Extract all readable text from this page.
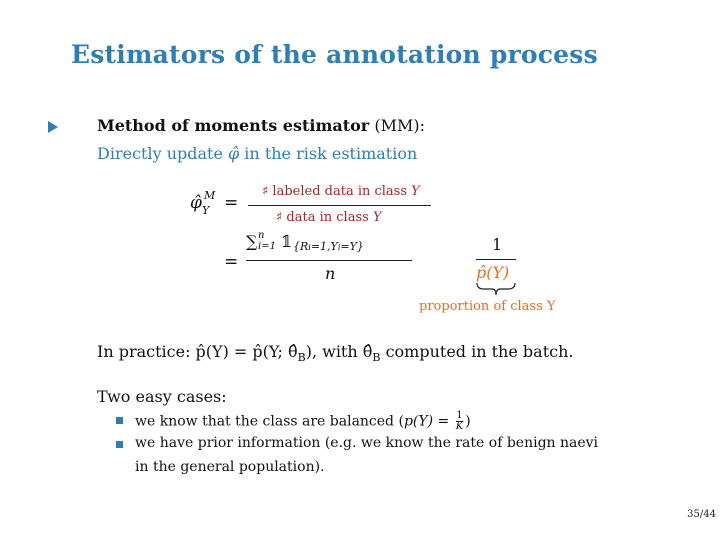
Estimators of the annotation process
Method of moments estimator (MM):
Directly update φ̂ in the risk estimation
φ̂ M
Y =
♯ labeled data in class Y
♯ data in class Y
=
∑ n
i=1 𝟙 {Ri=1,Yi=Y}
n
1
p̂(Y)
proportion of class Y
In practice: p̂(Y) = p̂(Y; $\thetâ_B$), with $\thetâ_B$ computed in the batch.
Two easy cases:
we know that the class are balanced ($p(Y) = \frac{1}{K}$ )
we have prior information (e.g. we know the rate of benign naevi
in the general population).
35/44
